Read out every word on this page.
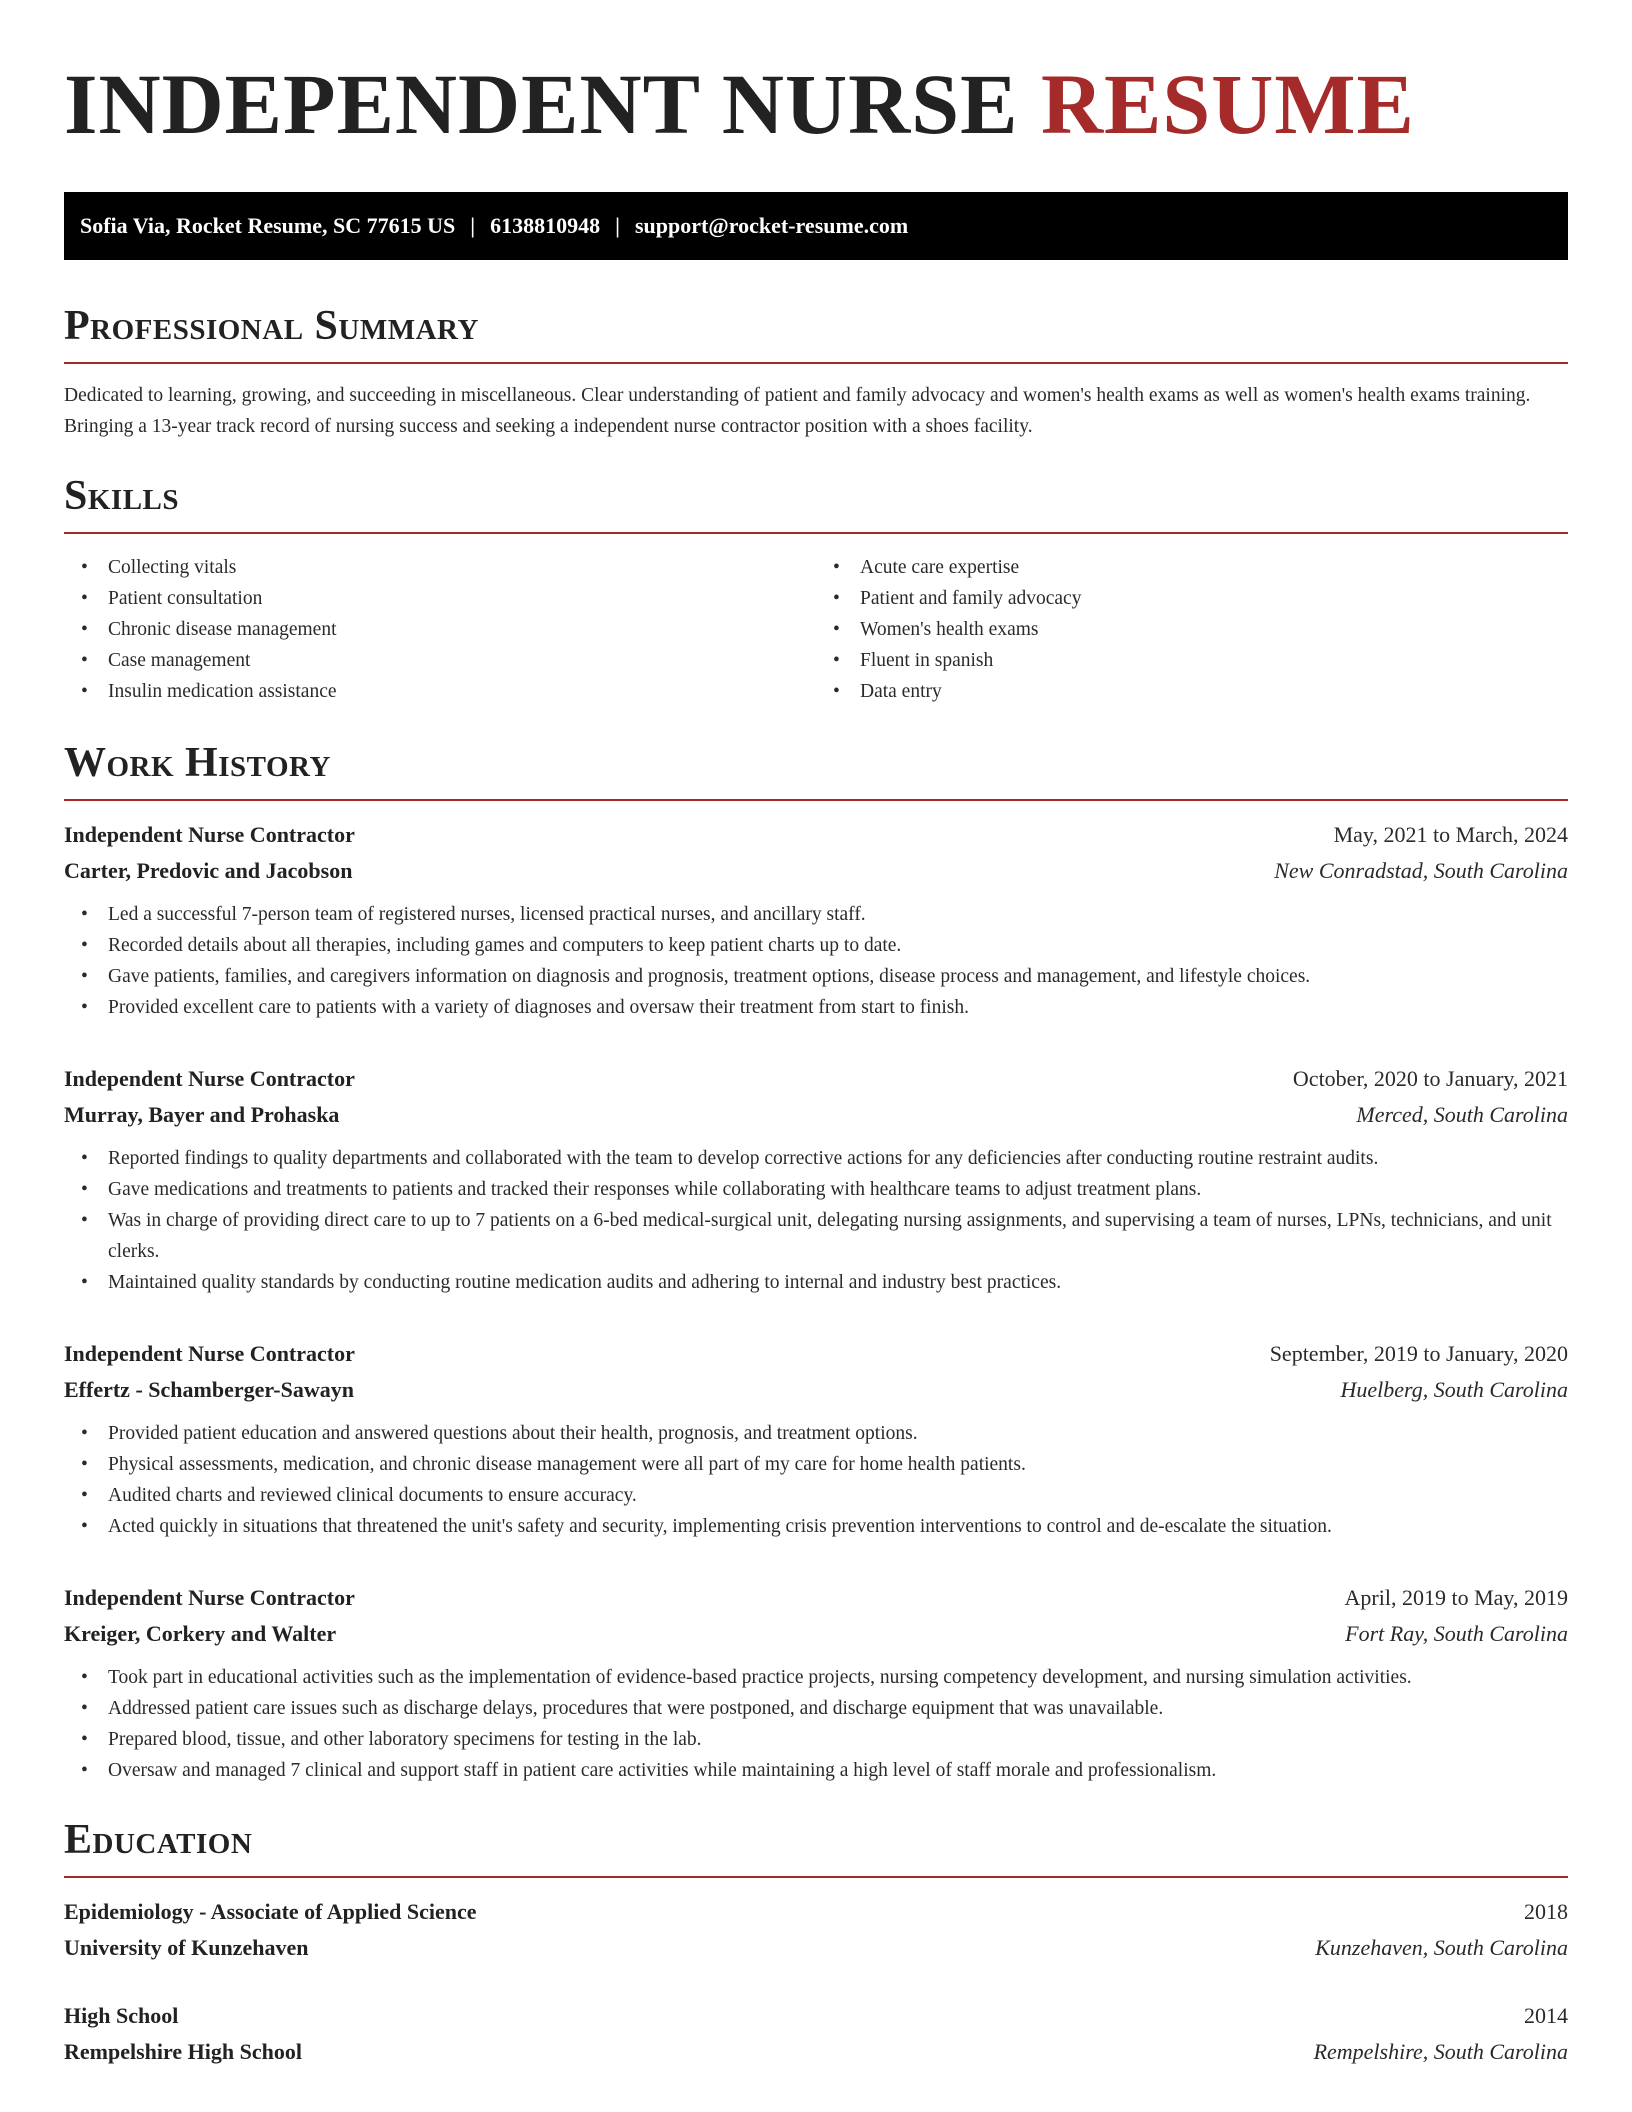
INDEPENDENT NURSE RESUME
Sofia Via, Rocket Resume, SC 77615 US | 6138810948 | support@rocket-resume.com
Professional Summary

Dedicated to learning, growing, and succeeding in miscellaneous. Clear understanding of patient and family advocacy and women's health exams as well as women's health exams training. Bringing a 13-year track record of nursing success and seeking a independent nurse contractor position with a shoes facility.

Skills
• Collecting vitals
• Patient consultation
• Chronic disease management
• Case management
• Insulin medication assistance
• Acute care expertise
• Patient and family advocacy
• Women's health exams
• Fluent in spanish
• Data entry
Work History
Independent Nurse Contractor	May, 2021 to March, 2024
Carter, Predovic and Jacobson	New Conradstad, South Carolina
• Led a successful 7-person team of registered nurses, licensed practical nurses, and ancillary staff.
• Recorded details about all therapies, including games and computers to keep patient charts up to date.
• Gave patients, families, and caregivers information on diagnosis and prognosis, treatment options, disease process and management, and lifestyle choices.
• Provided excellent care to patients with a variety of diagnoses and oversaw their treatment from start to finish.
Independent Nurse Contractor	October, 2020 to January, 2021
Murray, Bayer and Prohaska	Merced, South Carolina
• Reported findings to quality departments and collaborated with the team to develop corrective actions for any deficiencies after conducting routine restraint audits.
• Gave medications and treatments to patients and tracked their responses while collaborating with healthcare teams to adjust treatment plans.
• Was in charge of providing direct care to up to 7 patients on a 6-bed medical-surgical unit, delegating nursing assignments, and supervising a team of nurses, LPNs, technicians, and unit clerks.
• Maintained quality standards by conducting routine medication audits and adhering to internal and industry best practices.
Independent Nurse Contractor	September, 2019 to January, 2020
Effertz - Schamberger-Sawayn	Huelberg, South Carolina
• Provided patient education and answered questions about their health, prognosis, and treatment options.
• Physical assessments, medication, and chronic disease management were all part of my care for home health patients.
• Audited charts and reviewed clinical documents to ensure accuracy.
• Acted quickly in situations that threatened the unit's safety and security, implementing crisis prevention interventions to control and de-escalate the situation.
Independent Nurse Contractor	April, 2019 to May, 2019
Kreiger, Corkery and Walter	Fort Ray, South Carolina
• Took part in educational activities such as the implementation of evidence-based practice projects, nursing competency development, and nursing simulation activities.
• Addressed patient care issues such as discharge delays, procedures that were postponed, and discharge equipment that was unavailable.
• Prepared blood, tissue, and other laboratory specimens for testing in the lab.
• Oversaw and managed 7 clinical and support staff in patient care activities while maintaining a high level of staff morale and professionalism.
Education
Epidemiology - Associate of Applied Science	2018
University of Kunzehaven	Kunzehaven, South Carolina
High School	2014
Rempelshire High School	Rempelshire, South Carolina
